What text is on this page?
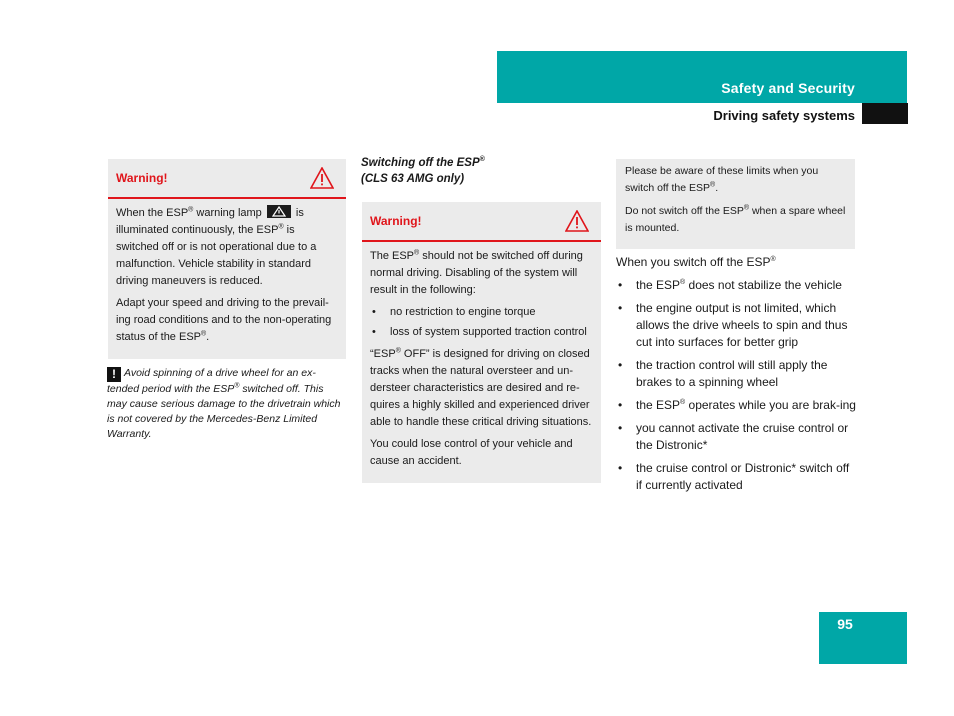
Safety and Security
Driving safety systems
Warning!

When the ESP® warning lamp	is illuminated continuously, the ESP® is switched off or is not operational due to a malfunction. Vehicle stability in standard driving maneuvers is reduced.

Adapt your speed and driving to the prevail-ing road conditions and to the non-operating status of the ESP®.

! Avoid spinning of a drive wheel for an ex-tended period with the ESP® switched off. This may cause serious damage to the drivetrain which is not covered by the Mercedes-Benz Limited Warranty.
Switching off the ESP®
(CLS 63 AMG only)
Warning!

The ESP® should not be switched off during normal driving. Disabling of the system will result in the following:

• no restriction to engine torque
• loss of system supported traction control

“ESP® OFF” is designed for driving on closed tracks when the natural oversteer and un-dersteer characteristics are desired and re-quires a highly skilled and experienced driver able to handle these critical driving situations.

You could lose control of your vehicle and cause an accident.

Please be aware of these limits when you switch off the ESP®.

Do not switch off the ESP® when a spare wheel is mounted.

When you switch off the ESP®

• the ESP® does not stabilize the vehicle
• the engine output is not limited, which allows the drive wheels to spin and thus cut into surfaces for better grip
• the traction control will still apply the brakes to a spinning wheel
• the ESP® operates while you are brak-ing
• you cannot activate the cruise control or the Distronic*
• the cruise control or Distronic* switch off if currently activated
95
